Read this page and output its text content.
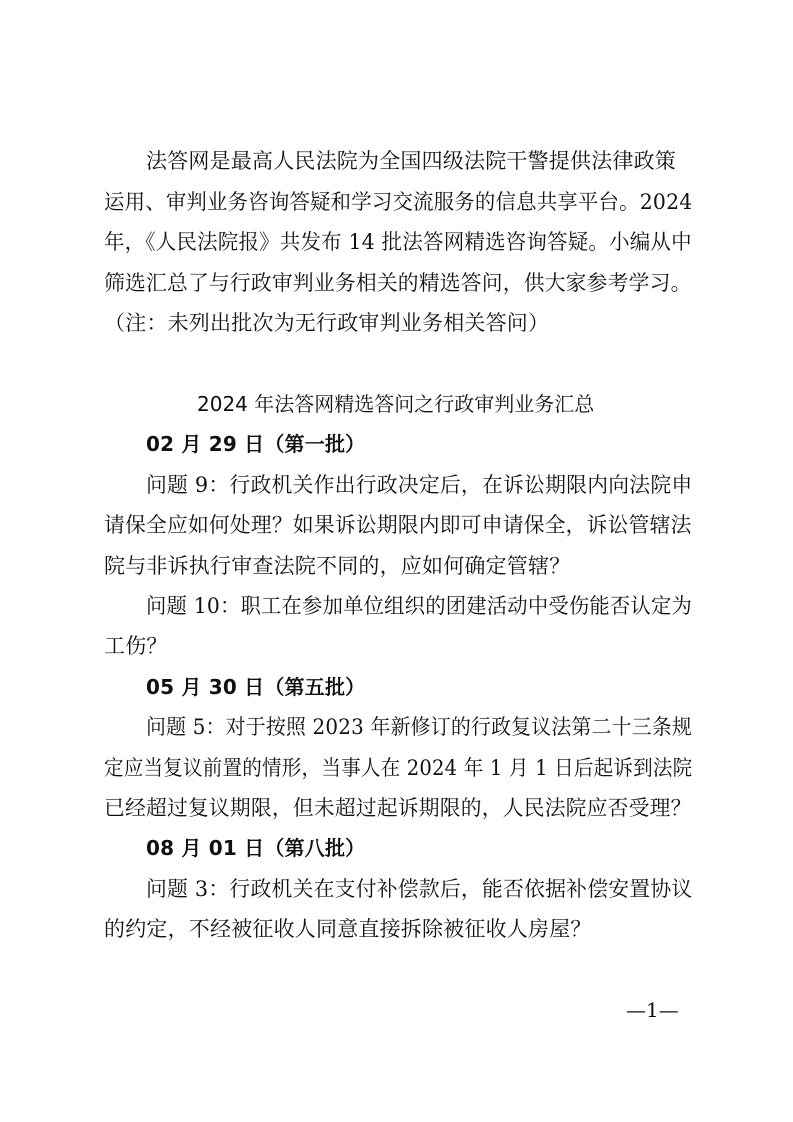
法答网是最高人民法院为全国四级法院干警提供法律政策
运用、审判业务咨询答疑和学习交流服务的信息共享平台。2024
年，《人民法院报》共发布 14 批法答网精选咨询答疑。小编从中
筛选汇总了与行政审判业务相关的精选答问，供大家参考学习。
（注：未列出批次为无行政审判业务相关答问）
2024 年法答网精选答问之行政审判业务汇总
02 月 29 日（第一批）
问题 9：行政机关作出行政决定后，在诉讼期限内向法院申
请保全应如何处理？如果诉讼期限内即可申请保全，诉讼管辖法
院与非诉执行审查法院不同的，应如何确定管辖？
问题 10：职工在参加单位组织的团建活动中受伤能否认定为
工伤？
05 月 30 日（第五批）
问题 5：对于按照 2023 年新修订的行政复议法第二十三条规
定应当复议前置的情形，当事人在 2024 年 1 月 1 日后起诉到法院
已经超过复议期限，但未超过起诉期限的，人民法院应否受理？
08 月 01 日（第八批）
问题 3：行政机关在支付补偿款后，能否依据补偿安置协议
的约定，不经被征收人同意直接拆除被征收人房屋？
—1—
